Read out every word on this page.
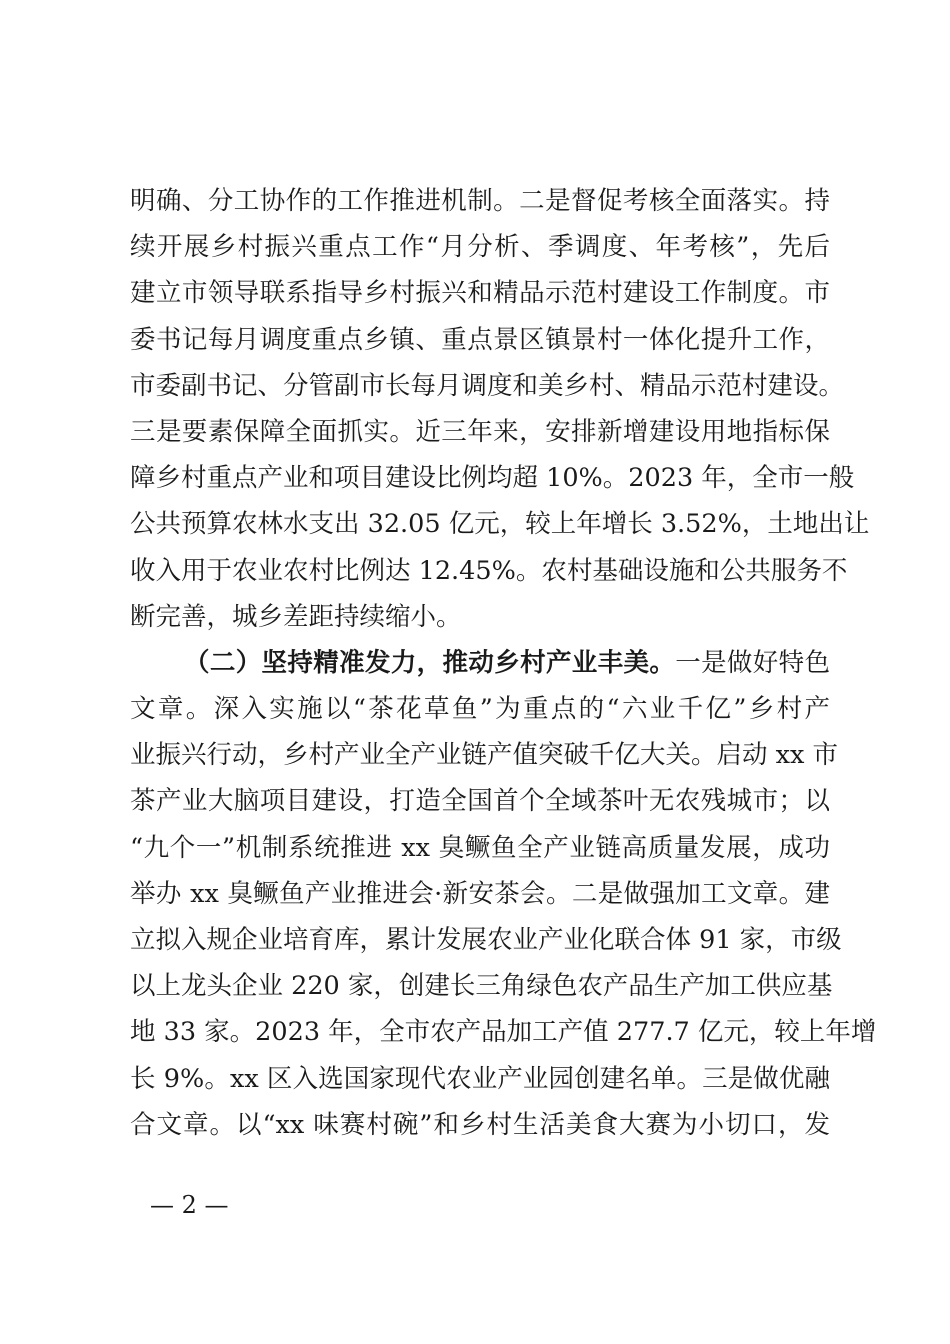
明确、分工协作的工作推进机制。二是督促考核全面落实。持
续开展乡村振兴重点工作“月分析、季调度、年考核”，先后
建立市领导联系指导乡村振兴和精品示范村建设工作制度。市
委书记每月调度重点乡镇、重点景区镇景村一体化提升工作，
市委副书记、分管副市长每月调度和美乡村、精品示范村建设。
三是要素保障全面抓实。近三年来，安排新增建设用地指标保
障乡村重点产业和项目建设比例均超 10%。2023 年，全市一般
公共预算农林水支出 32.05 亿元，较上年增长 3.52%，土地出让
收入用于农业农村比例达 12.45%。农村基础设施和公共服务不
断完善，城乡差距持续缩小。
（二）坚持精准发力，推动乡村产业丰美。一是做好特色
文章。深入实施以“茶花草鱼”为重点的“六业千亿”乡村产
业振兴行动，乡村产业全产业链产值突破千亿大关。启动 xx 市
茶产业大脑项目建设，打造全国首个全域茶叶无农残城市；以
“九个一”机制系统推进 xx 臭鳜鱼全产业链高质量发展，成功
举办 xx 臭鳜鱼产业推进会·新安茶会。二是做强加工文章。建
立拟入规企业培育库，累计发展农业产业化联合体 91 家，市级
以上龙头企业 220 家，创建长三角绿色农产品生产加工供应基
地 33 家。2023 年，全市农产品加工产值 277.7 亿元，较上年增
长 9%。xx 区入选国家现代农业产业园创建名单。三是做优融
合文章。以“xx 味赛村碗”和乡村生活美食大赛为小切口，发
— 2 —
